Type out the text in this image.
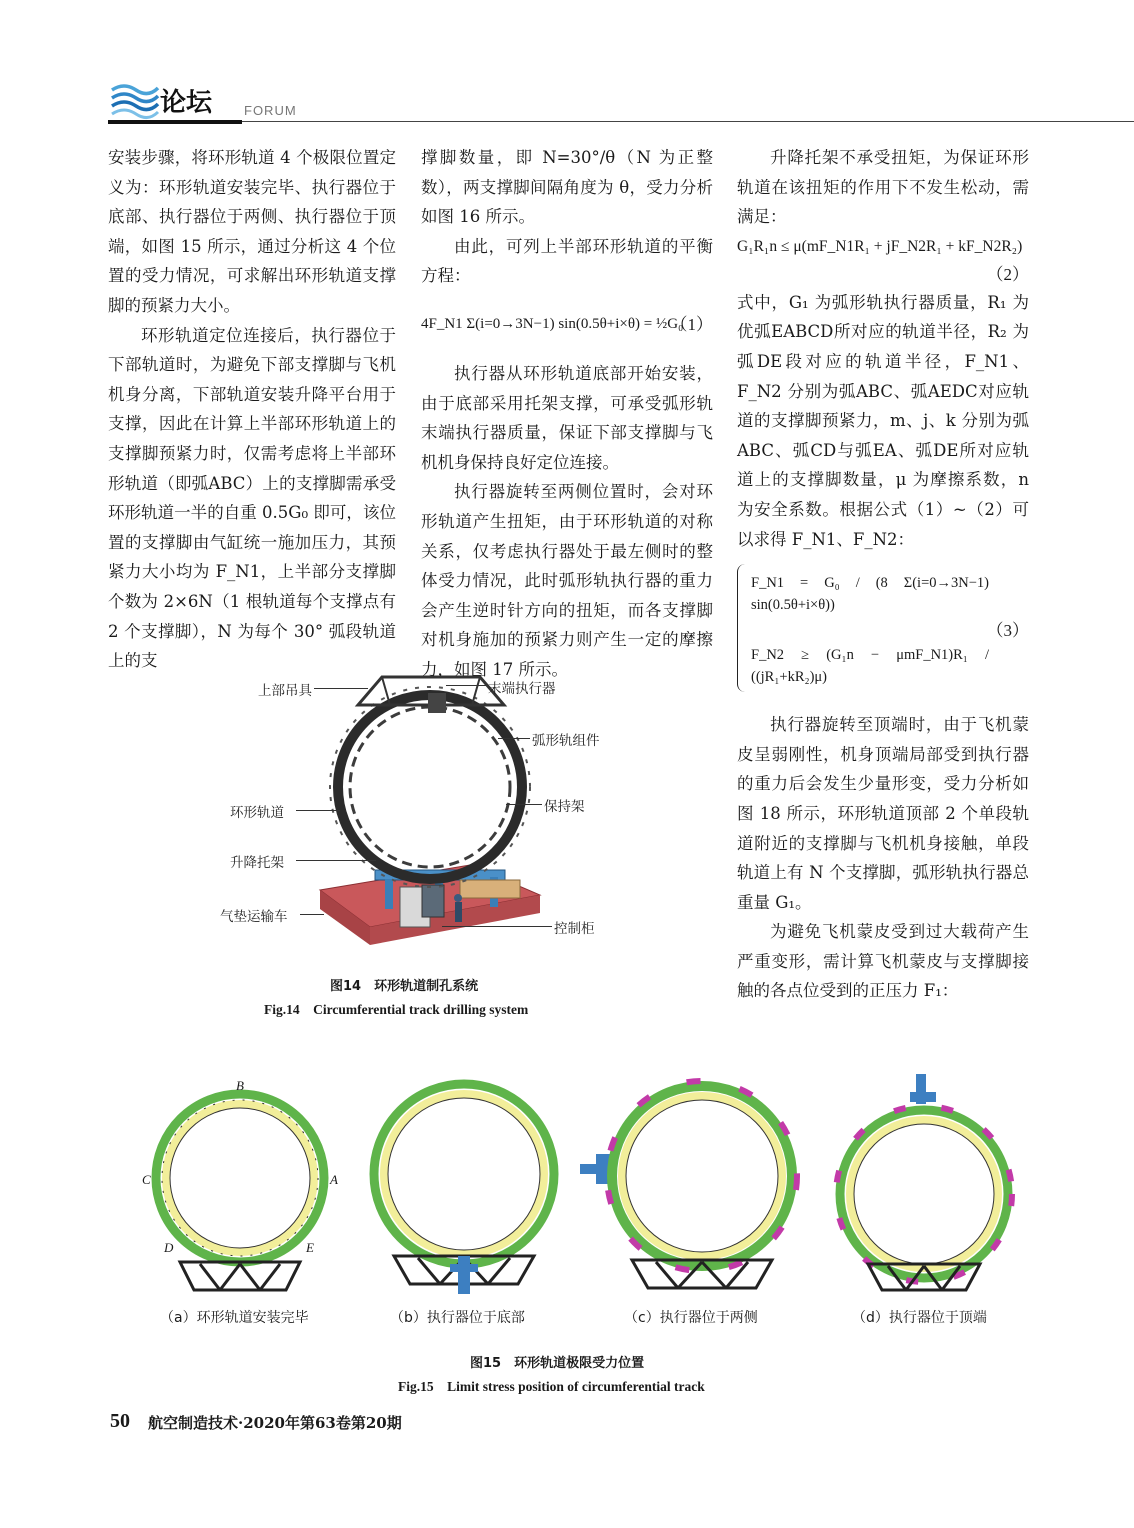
论坛 FORUM

安装步骤，将环形轨道 4 个极限位置定义为：环形轨道安装完毕、执行器位于底部、执行器位于两侧、执行器位于顶端，如图 15 所示，通过分析这 4 个位置的受力情况，可求解出环形轨道支撑脚的预紧力大小。

环形轨道定位连接后，执行器位于下部轨道时，为避免下部支撑脚与飞机机身分离，下部轨道安装升降平台用于支撑，因此在计算上半部环形轨道上的支撑脚预紧力时，仅需考虑将上半部环形轨道（即弧ABC）上的支撑脚需承受环形轨道一半的自重 0.5G₀ 即可，该位置的支撑脚由气缸统一施加压力，其预紧力大小均为 F_N1，上半部分支撑脚个数为 2×6N（1 根轨道每个支撑点有 2 个支撑脚），N 为每个 30° 弧段轨道上的支

撑脚数量，即 N=30°/θ（N 为正整数），两支撑脚间隔角度为 θ，受力分析如图 16 所示。

由此，可列上半部环形轨道的平衡方程：

4F_N1 Σ(i=0→3N−1) sin(0.5θ+i×θ) = ½G₀
（1）

执行器从环形轨道底部开始安装，由于底部采用托架支撑，可承受弧形轨末端执行器质量，保证下部支撑脚与飞机机身保持良好定位连接。

执行器旋转至两侧位置时，会对环形轨道产生扭矩，由于环形轨道的对称关系，仅考虑执行器处于最左侧时的整体受力情况，此时弧形轨执行器的重力会产生逆时针方向的扭矩，而各支撑脚对机身施加的预紧力则产生一定的摩擦力，如图 17 所示。

升降托架不承受扭矩，为保证环形轨道在该扭矩的作用下不发生松动，需满足：

G₁R₁n ≤ μ(mF_N1R₁ + jF_N2R₁ + kF_N2R₂)
（2）

式中，G₁ 为弧形轨执行器质量，R₁ 为优弧EABCD所对应的轨道半径，R₂ 为弧DE段对应的轨道半径，F_N1、F_N2 分别为弧ABC、弧AEDC对应轨道的支撑脚预紧力，m、j、k 分别为弧ABC、弧CD与弧EA、弧DE所对应轨道上的支撑脚数量，μ 为摩擦系数，n 为安全系数。根据公式（1）~（2）可以求得 F_N1、F_N2：

F_N1 = G₀ / (8 Σ(i=0→3N−1) sin(0.5θ+i×θ))
F_N2 ≥ (G₁n − μmF_N1)R₁ / ((jR₁+kR₂)μ)
（3）

执行器旋转至顶端时，由于飞机蒙皮呈弱刚性，机身顶端局部受到执行器的重力后会发生少量形变，受力分析如图 18 所示，环形轨道顶部 2 个单段轨道附近的支撑脚与飞机机身接触，单段轨道上有 N 个支撑脚，弧形轨执行器总重量 G₁。

为避免飞机蒙皮受到过大载荷产生严重变形，需计算飞机蒙皮与支撑脚接触的各点位受到的正压力 F₁：

上部吊具	末端执行器
弧形轨组件
保持架
环形轨道
升降托架
气垫运输车
控制柜
图14　环形轨道制孔系统
Fig.14　Circumferential track drilling system
B
C	A
D	E
（a）环形轨道安装完毕	（b）执行器位于底部	（c）执行器位于两侧	（d）执行器位于顶端
图15　环形轨道极限受力位置
Fig.15　Limit stress position of circumferential track
50 航空制造技术·2020年第63卷第20期
